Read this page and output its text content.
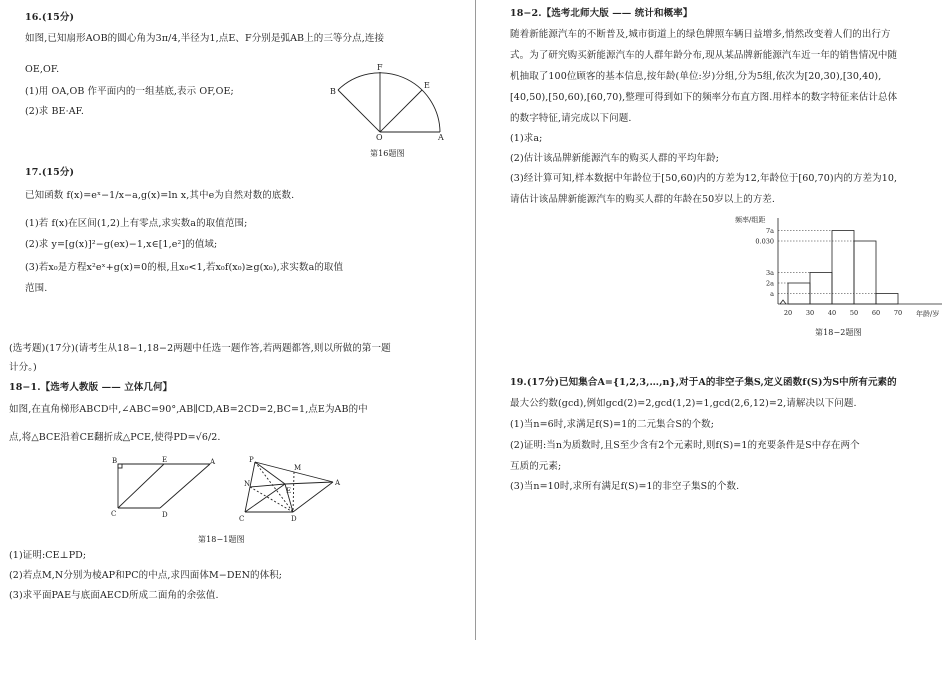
16.(15分)
如图,已知扇形AOB的圆心角为3π/4,半径为1,点E、F分别是弧AB上的三等分点,连接
OE,OF.
(1)用 OA,OB 作平面内的一组基底,表示 OF,OE;
(2)求 BE·AF.
F
E
B
O	A
第16题图
17.(15分)
已知函数 f(x)=eˣ−1/x−a,g(x)=ln x,其中e为自然对数的底数.
(1)若 f(x)在区间(1,2)上有零点,求实数a的取值范围;
(2)求 y=[g(x)]²−g(ex)−1,x∈[1,e²]的值域;
(3)若x₀是方程x²eˣ+g(x)=0的根,且x₀<1,若x₀f(x₀)≥g(x₀),求实数a的取值
范围.
(选考题)(17分)(请考生从18−1,18−2两题中任选一题作答,若两题都答,则以所做的第一题
计分。)
18−1.【选考人教版 —— 立体几何】
如图,在直角梯形ABCD中,∠ABC=90°,AB∥CD,AB=2CD=2,BC=1,点E为AB的中
点,将△BCE沿着CE翻折成△PCE,使得PD=√6/2.
B	E	A
C	D
P
M
N
E
A
C	D
第18−1题图
(1)证明:CE⊥PD;
(2)若点M,N分别为棱AP和PC的中点,求四面体M−DEN的体积;
(3)求平面PAE与底面AECD所成二面角的余弦值.
18−2.【选考北师大版 —— 统计和概率】
随着新能源汽车的不断普及,城市街道上的绿色牌照车辆日益增多,悄然改变着人们的出行方
式。为了研究购买新能源汽车的人群年龄分布,现从某品牌新能源汽车近一年的销售情况中随
机抽取了100位顾客的基本信息,按年龄(单位:岁)分组,分为5组,依次为[20,30),[30,40),
[40,50),[50,60),[60,70),整理可得到如下的频率分布直方图.用样本的数字特征来估计总体
的数字特征,请完成以下问题.
(1)求a;
(2)估计该品牌新能源汽车的购买人群的平均年龄;
(3)经计算可知,样本数据中年龄位于[50,60)内的方差为12,年龄位于[60,70)内的方差为10,
请估计该品牌新能源汽车的购买人群的年龄在50岁以上的方差.
频率/组距
年龄/岁
a
2a
3a
0.030
7a
20 30 40 50 60 70
第18−2题图
19.(17分)已知集合A={1,2,3,…,n},对于A的非空子集S,定义函数f(S)为S中所有元素的
最大公约数(gcd),例如gcd(2)=2,gcd(1,2)=1,gcd(2,6,12)=2,请解决以下问题.
(1)当n=6时,求满足f(S)=1的二元集合S的个数;
(2)证明:当n为质数时,且S至少含有2个元素时,则f(S)=1的充要条件是S中存在两个
互质的元素;
(3)当n=10时,求所有满足f(S)=1的非空子集S的个数.
